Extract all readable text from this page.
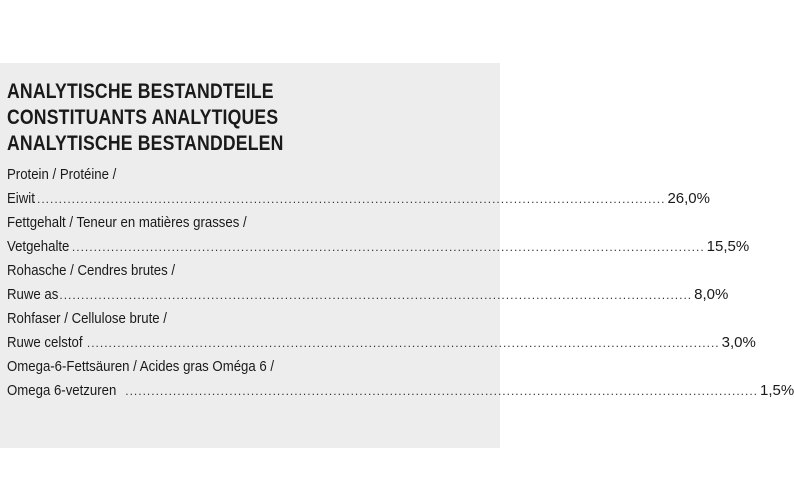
ANALYTISCHE BESTANDTEILE
CONSTITUANTS ANALYTIQUES
ANALYTISCHE BESTANDDELEN
Protein / Protéine /
Eiwit
.................................................................................................................................................. 26,0%
Fettgehalt / Teneur en matières grasses /
Vetgehalte .................................................................................................................................................. 15,5%
Rohasche / Cendres brutes /
Ruwe as .................................................................................................................................................. 8,0%
Rohfaser / Cellulose brute /
Ruwe celstof .................................................................................................................................................. 3,0%
Omega-6-Fettsäuren / Acides gras Oméga 6 /
Omega 6-vetzuren .................................................................................................................................................. 1,5%
